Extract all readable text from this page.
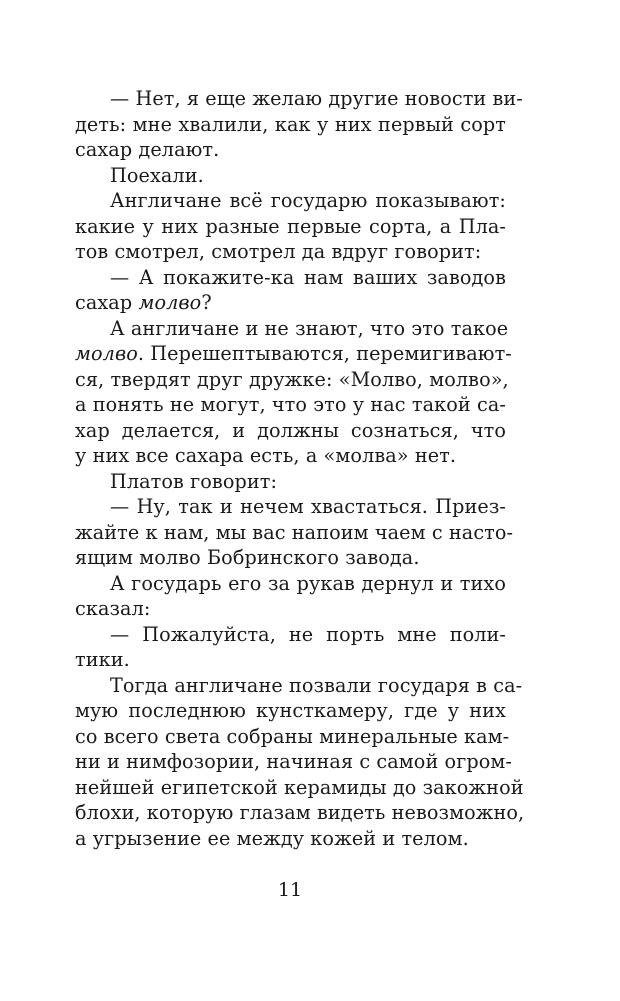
— Нет, я еще желаю другие новости ви-
деть: мне хвалили, как у них первый сорт
сахар делают.
Поехали.
Англичане всё государю показывают:
какие у них разные первые сорта, а Пла-
тов смотрел, смотрел да вдруг говорит:
— А покажите-ка нам ваших заводов
сахар молво?
А англичане и не знают, что это такое
молво. Перешептываются, перемигивают-
ся, твердят друг дружке: «Молво, молво»,
а понять не могут, что это у нас такой са-
хар делается, и должны сознаться, что
у них все сахара есть, а «молва» нет.
Платов говорит:
— Ну, так и нечем хвастаться. Приез-
жайте к нам, мы вас напоим чаем с насто-
ящим молво Бобринского завода.
А государь его за рукав дернул и тихо
сказал:
— Пожалуйста, не порть мне поли-
тики.
Тогда англичане позвали государя в са-
мую последнюю кунсткамеру, где у них
со всего света собраны минеральные кам-
ни и нимфозории, начиная с самой огром-
нейшей египетской керамиды до закожной
блохи, которую глазам видеть невозможно,
а угрызение ее между кожей и телом.
11
